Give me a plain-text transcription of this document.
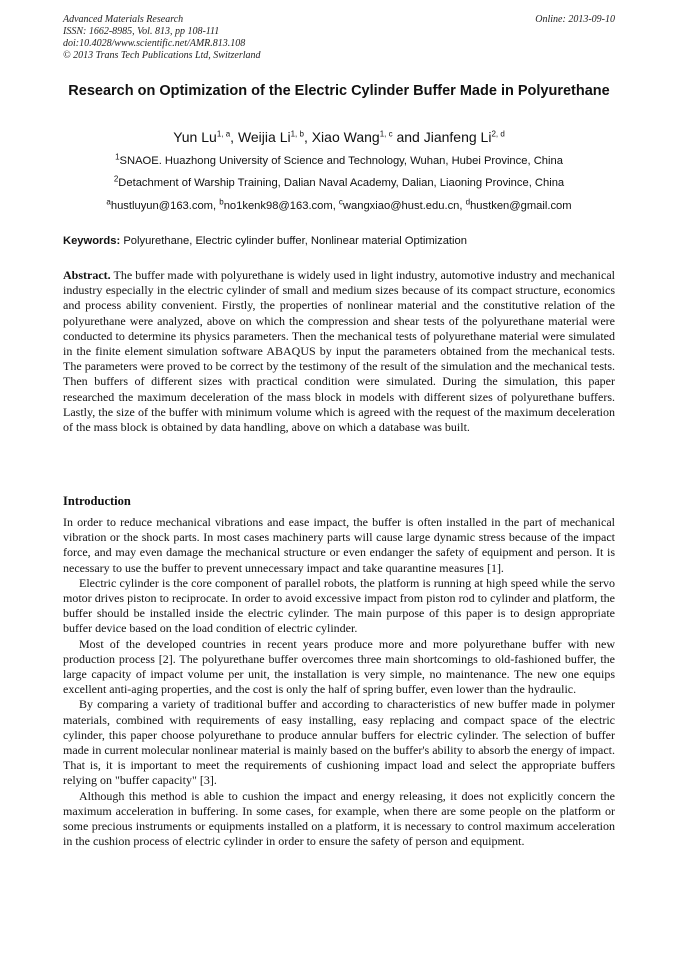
Advanced Materials Research
ISSN: 1662-8985, Vol. 813, pp 108-111
doi:10.4028/www.scientific.net/AMR.813.108
© 2013 Trans Tech Publications Ltd, Switzerland
Online: 2013-09-10
Research on Optimization of the Electric Cylinder Buffer Made in Polyurethane
Yun Lu$^{1, a}$, Weijia Li$^{1, b}$, Xiao Wang$^{1, c}$ and Jianfeng Li$^{2, d}$
$^1$SNAOE. Huazhong University of Science and Technology, Wuhan, Hubei Province, China
$^2$Detachment of Warship Training, Dalian Naval Academy, Dalian, Liaoning Province, China
$^a$hustluyun@163.com, $^b$no1kenk98@163.com, $^c$wangxiao@hust.edu.cn, $^d$hustken@gmail.com
Keywords: Polyurethane, Electric cylinder buffer, Nonlinear material Optimization
Abstract. The buffer made with polyurethane is widely used in light industry, automotive industry and mechanical industry especially in the electric cylinder of small and medium sizes because of its compact structure, economics and process ability convenient. Firstly, the properties of nonlinear material and the constitutive relation of the polyurethane were analyzed, above on which the compression and shear tests of the polyurethane material were conducted to determine its physics parameters. Then the mechanical tests of polyurethane material were simulated in the finite element simulation software ABAQUS by input the parameters obtained from the mechanical tests. The parameters were proved to be correct by the testimony of the result of the simulation and the mechanical tests. Then buffers of different sizes with practical condition were simulated. During the simulation, this paper researched the maximum deceleration of the mass block in models with different sizes of polyurethane buffers. Lastly, the size of the buffer with minimum volume which is agreed with the request of the maximum deceleration of the mass block is obtained by data handling, above on which a database was built.
Introduction

In order to reduce mechanical vibrations and ease impact, the buffer is often installed in the part of mechanical vibration or the shock parts. In most cases machinery parts will cause large dynamic stress because of the impact force, and may even damage the mechanical structure or even endanger the safety of equipment and person. It is necessary to use the buffer to prevent unnecessary impact and take quarantine measures [1].

Electric cylinder is the core component of parallel robots, the platform is running at high speed while the servo motor drives piston to reciprocate. In order to avoid excessive impact from piston rod to cylinder and platform, the buffer should be installed inside the electric cylinder. The main purpose of this paper is to design appropriate buffer device based on the load condition of electric cylinder.

Most of the developed countries in recent years produce more and more polyurethane buffer with new production process [2]. The polyurethane buffer overcomes three main shortcomings to old-fashioned buffer, the large capacity of impact volume per unit, the installation is very simple, no maintenance. The new one equips excellent anti-aging properties, and the cost is only the half of spring buffer, even lower than the hydraulic.

By comparing a variety of traditional buffer and according to characteristics of new buffer made in polymer materials, combined with requirements of easy installing, easy replacing and compact space of the electric cylinder, this paper choose polyurethane to produce annular buffers for electric cylinder. The selection of buffer made in current molecular nonlinear material is mainly based on the buffer's ability to absorb the energy of impact. That is, it is important to meet the requirements of cushioning impact load and select the appropriate buffers relying on "buffer capacity" [3].

Although this method is able to cushion the impact and energy releasing, it does not explicitly concern the maximum acceleration in buffering. In some cases, for example, when there are some people on the platform or some precious instruments or equipments installed on a platform, it is necessary to control maximum acceleration in the cushion process of electric cylinder in order to ensure the safety of person and equipment.
